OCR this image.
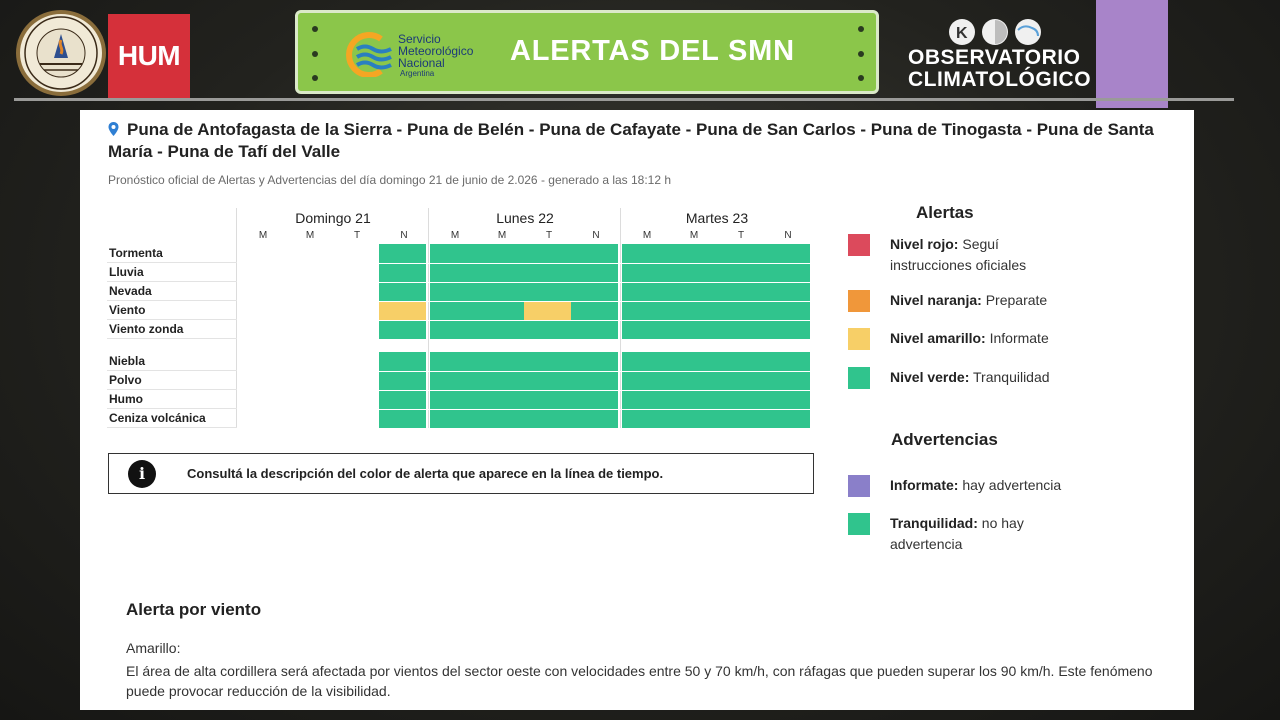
HUM
Servicio
Meteorológico
Nacional
Argentina
ALERTAS DEL SMN
K
OBSERVATORIO
CLIMATOLÓGICO
Puna de Antofagasta de la Sierra - Puna de Belén - Puna de Cafayate - Puna de San Carlos - Puna de Tinogasta - Puna de Santa María - Puna de Tafí del Valle
Pronóstico oficial de Alertas y Advertencias del día domingo 21 de junio de 2.026 - generado a las 18:12 h
Domingo 21
M	M	T	N
Lunes 22
M	M	T	N
Martes 23
M	M	T	N
Tormenta
Lluvia
Nevada
Viento
Viento zonda
Niebla
Polvo
Humo
Ceniza volcánica
i	Consultá la descripción del color de alerta que aparece en la línea de tiempo.
Alertas
Advertencias
Nivel rojo: Seguí instrucciones oficiales
Nivel naranja: Preparate
Nivel amarillo: Informate
Nivel verde: Tranquilidad
Informate: hay advertencia
Tranquilidad: no hay advertencia
Alerta por viento
Amarillo:
El área de alta cordillera será afectada por vientos del sector oeste con velocidades entre 50 y 70 km/h, con ráfagas que pueden superar los 90 km/h. Este fenómeno puede provocar reducción de la visibilidad.
